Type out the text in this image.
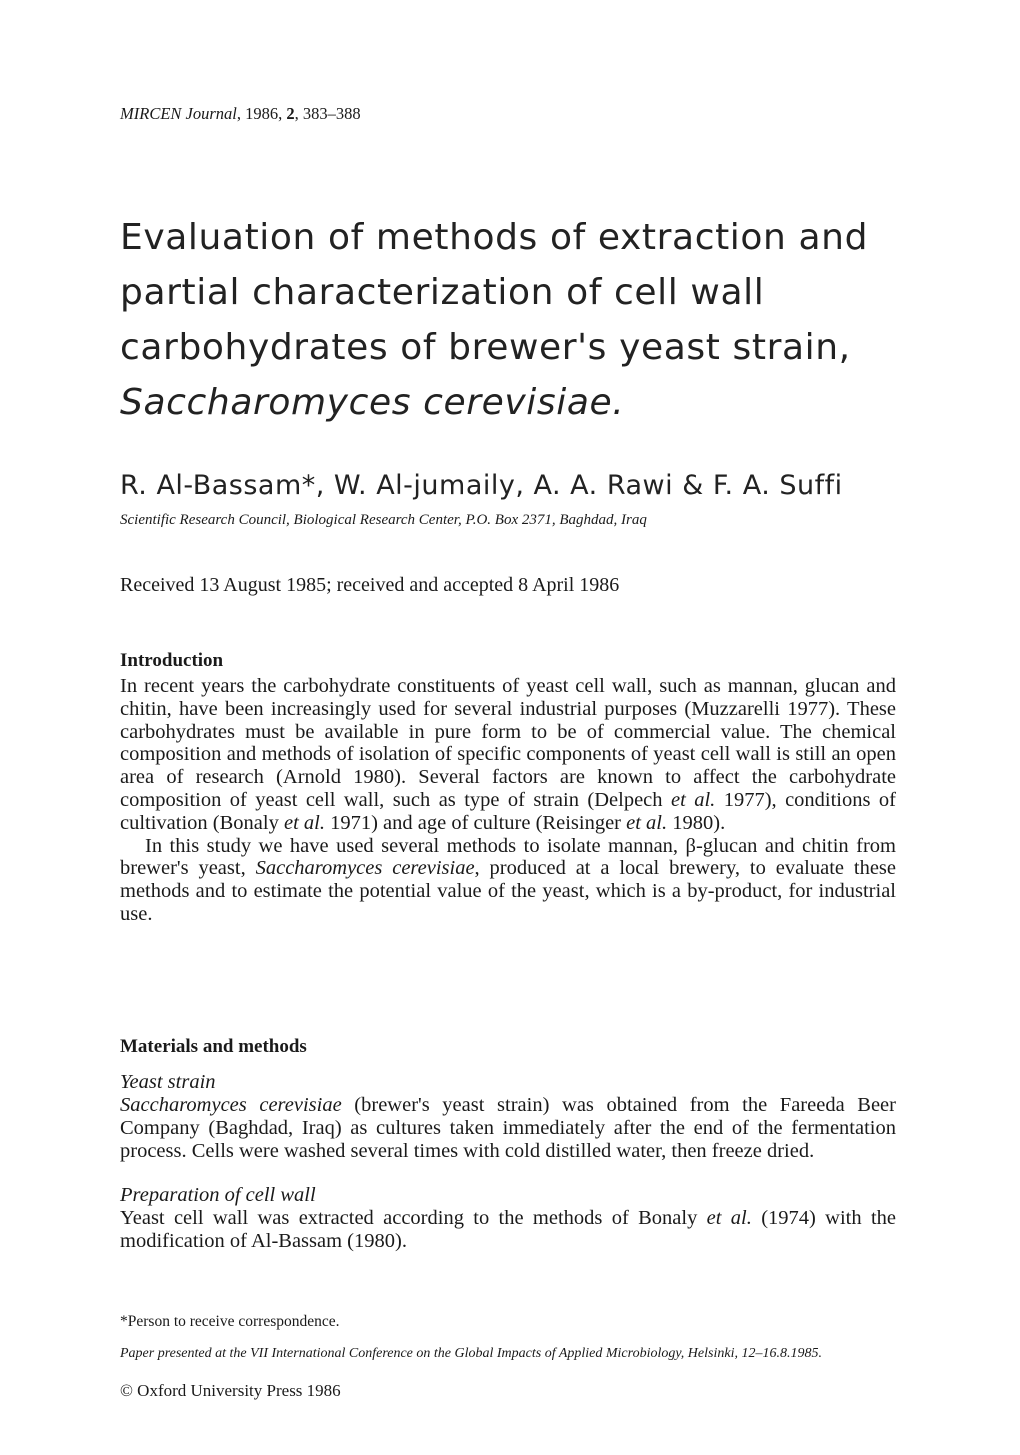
MIRCEN Journal, 1986, 2, 383–388
Evaluation of methods of extraction and
partial characterization of cell wall
carbohydrates of brewer's yeast strain,
Saccharomyces cerevisiae.
R. Al-Bassam*, W. Al-jumaily, A. A. Rawi & F. A. Suffi
Scientific Research Council, Biological Research Center, P.O. Box 2371, Baghdad, Iraq
Received 13 August 1985; received and accepted 8 April 1986
Introduction
In recent years the carbohydrate constituents of yeast cell wall, such as mannan, glucan and chitin, have been increasingly used for several industrial purposes (Muzzarelli 1977). These carbohydrates must be available in pure form to be of commercial value. The chemical composition and methods of isolation of specific components of yeast cell wall is still an open area of research (Arnold 1980). Several factors are known to affect the carbohydrate composition of yeast cell wall, such as type of strain (Delpech et al. 1977), conditions of cultivation (Bonaly et al. 1971) and age of culture (Reisinger et al. 1980).
In this study we have used several methods to isolate mannan, β-glucan and chitin from brewer's yeast, Saccharomyces cerevisiae, produced at a local brewery, to evaluate these methods and to estimate the potential value of the yeast, which is a by-product, for industrial use.
Materials and methods
Yeast strain
Saccharomyces cerevisiae (brewer's yeast strain) was obtained from the Fareeda Beer Company (Baghdad, Iraq) as cultures taken immediately after the end of the fermentation process. Cells were washed several times with cold distilled water, then freeze dried.
Preparation of cell wall
Yeast cell wall was extracted according to the methods of Bonaly et al. (1974) with the modification of Al-Bassam (1980).
*Person to receive correspondence.
Paper presented at the VII International Conference on the Global Impacts of Applied Microbiology, Helsinki, 12–16.8.1985.
© Oxford University Press 1986
